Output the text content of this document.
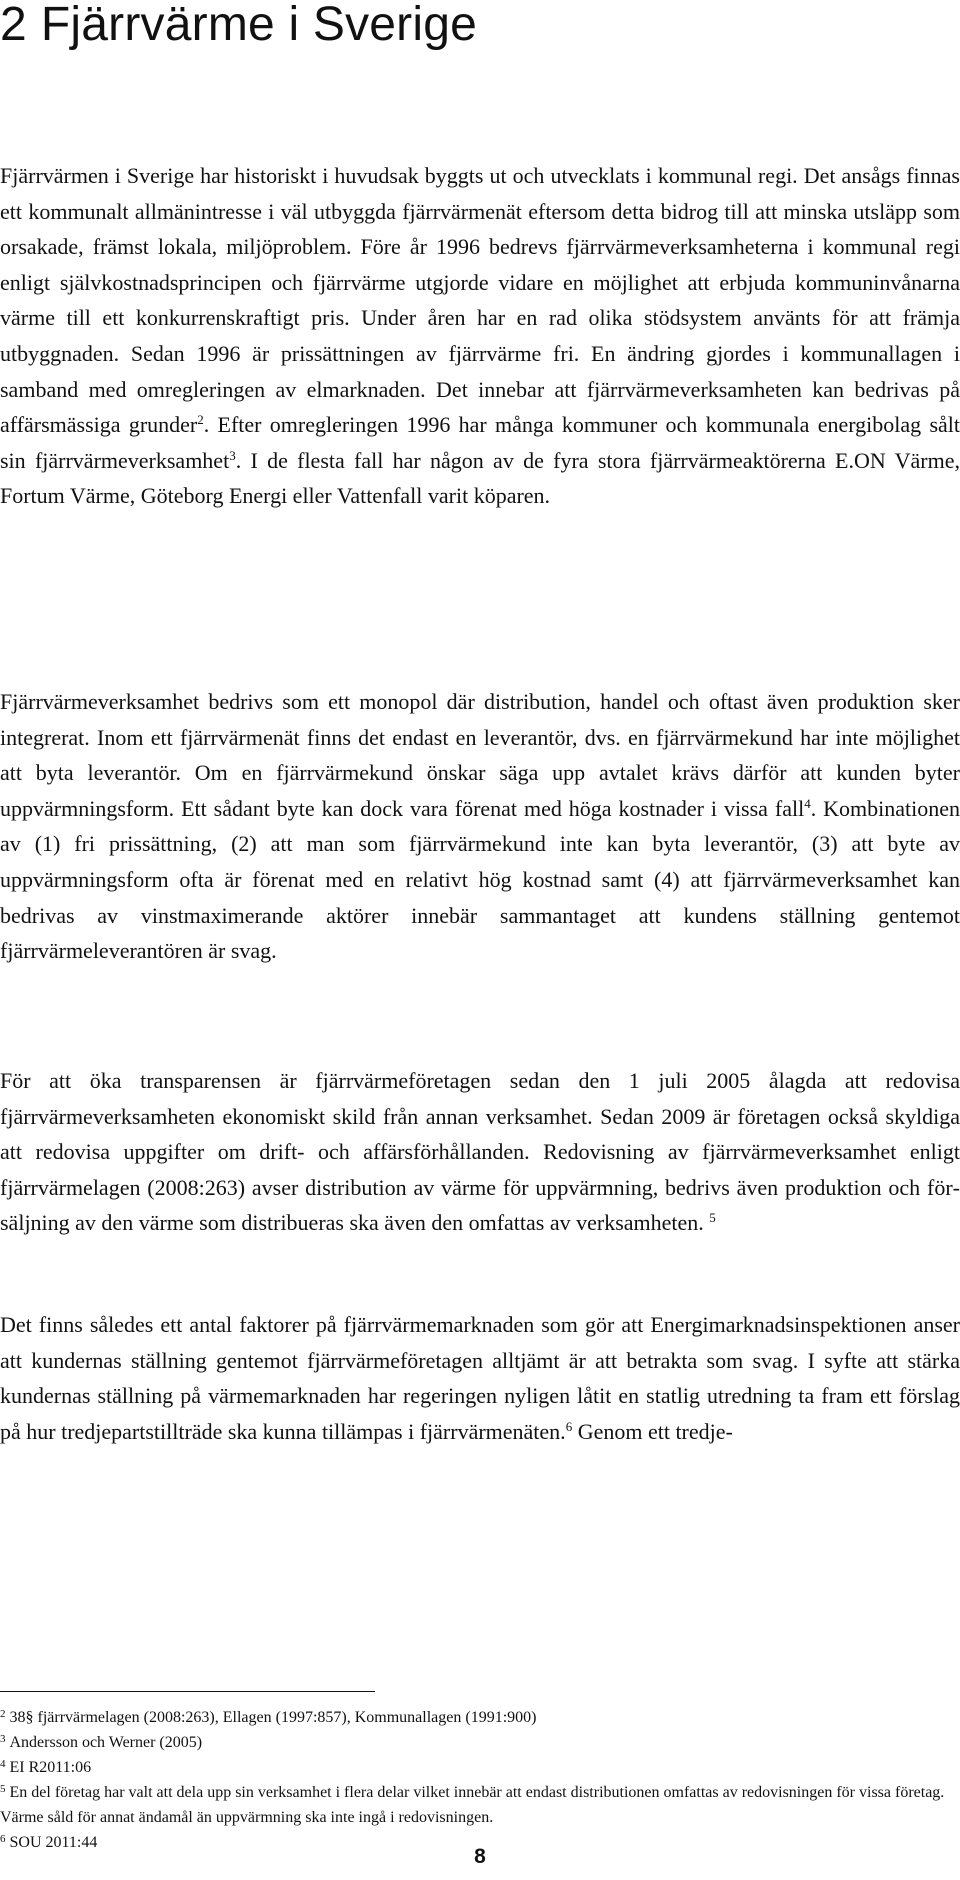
2 Fjärrvärme i Sverige

Fjärrvärmen i Sverige har historiskt i huvudsak byggts ut och utvecklats i kommunal regi. Det ansågs finnas ett kommunalt allmänintresse i väl utbyggda fjärrvärmenät eftersom detta bidrog till att minska utsläpp som orsakade, främst lokala, miljöproblem. Före år 1996 bedrevs fjärrvärmeverksamheterna i kommunal regi enligt självkostnadsprincipen och fjärrvärme utgjorde vidare en möjlighet att erbjuda kommuninvånarna värme till ett konkurrenskraftigt pris. Under åren har en rad olika stödsystem använts för att främja utbyggnaden. Sedan 1996 är prissättningen av fjärrvärme fri. En ändring gjordes i kommunallagen i samband med omregleringen av elmarknaden. Det innebar att fjärrvärmeverksamheten kan bedrivas på affärsmässiga grunder$^2$. Efter omregleringen 1996 har många kommuner och kommunala energibolag sålt sin fjärrvärmeverksamhet$^3$. I de flesta fall har någon av de fyra stora fjärrvärmeaktörerna E.ON Värme, Fortum Värme, Göteborg Energi eller Vattenfall varit köparen.

Fjärrvärmeverksamhet bedrivs som ett monopol där distribution, handel och oftast även produktion sker integrerat. Inom ett fjärrvärmenät finns det endast en leverantör, dvs. en fjärrvärmekund har inte möjlighet att byta leverantör. Om en fjärrvärmekund önskar säga upp avtalet krävs därför att kunden byter uppvärmningsform. Ett sådant byte kan dock vara förenat med höga kostnader i vissa fall$^4$. Kombinationen av (1) fri prissättning, (2) att man som fjärrvärmekund inte kan byta leverantör, (3) att byte av uppvärmningsform ofta är förenat med en relativt hög kostnad samt (4) att fjärrvärmeverksamhet kan bedrivas av vinstmaximerande aktörer innebär sammantaget att kundens ställning gentemot fjärrvärmeleverantören är svag.

För att öka transparensen är fjärrvärmeföretagen sedan den 1 juli 2005 ålagda att redovisa fjärrvärmeverksamheten ekonomiskt skild från annan verksamhet. Sedan 2009 är företagen också skyldiga att redovisa uppgifter om drift- och affärsförhållanden. Redovisning av fjärrvärmeverksamhet enligt fjärrvärmelagen (2008:263) avser distribution av värme för uppvärmning, bedrivs även produktion och försäljning av den värme som distribueras ska även den omfattas av verksamheten. $^5$

Det finns således ett antal faktorer på fjärrvärmemarknaden som gör att Energimarknadsinspektionen anser att kundernas ställning gentemot fjärrvärmeföretagen alltjämt är att betrakta som svag. I syfte att stärka kundernas ställning på värmemarknaden har regeringen nyligen låtit en statlig utredning ta fram ett förslag på hur tredjepartstillträde ska kunna tillämpas i fjärrvärmenäten.$^6$ Genom ett tredje-

$^2$ 38§ fjärrvärmelagen (2008:263), Ellagen (1997:857), Kommunallagen (1991:900)

$^3$ Andersson och Werner (2005)

$^4$ EI R2011:06

$^5$ En del företag har valt att dela upp sin verksamhet i flera delar vilket innebär att endast distributionen omfattas av redovisningen för vissa företag. Värme såld för annat ändamål än uppvärmning ska inte ingå i redovisningen.

$^6$ SOU 2011:44

8
